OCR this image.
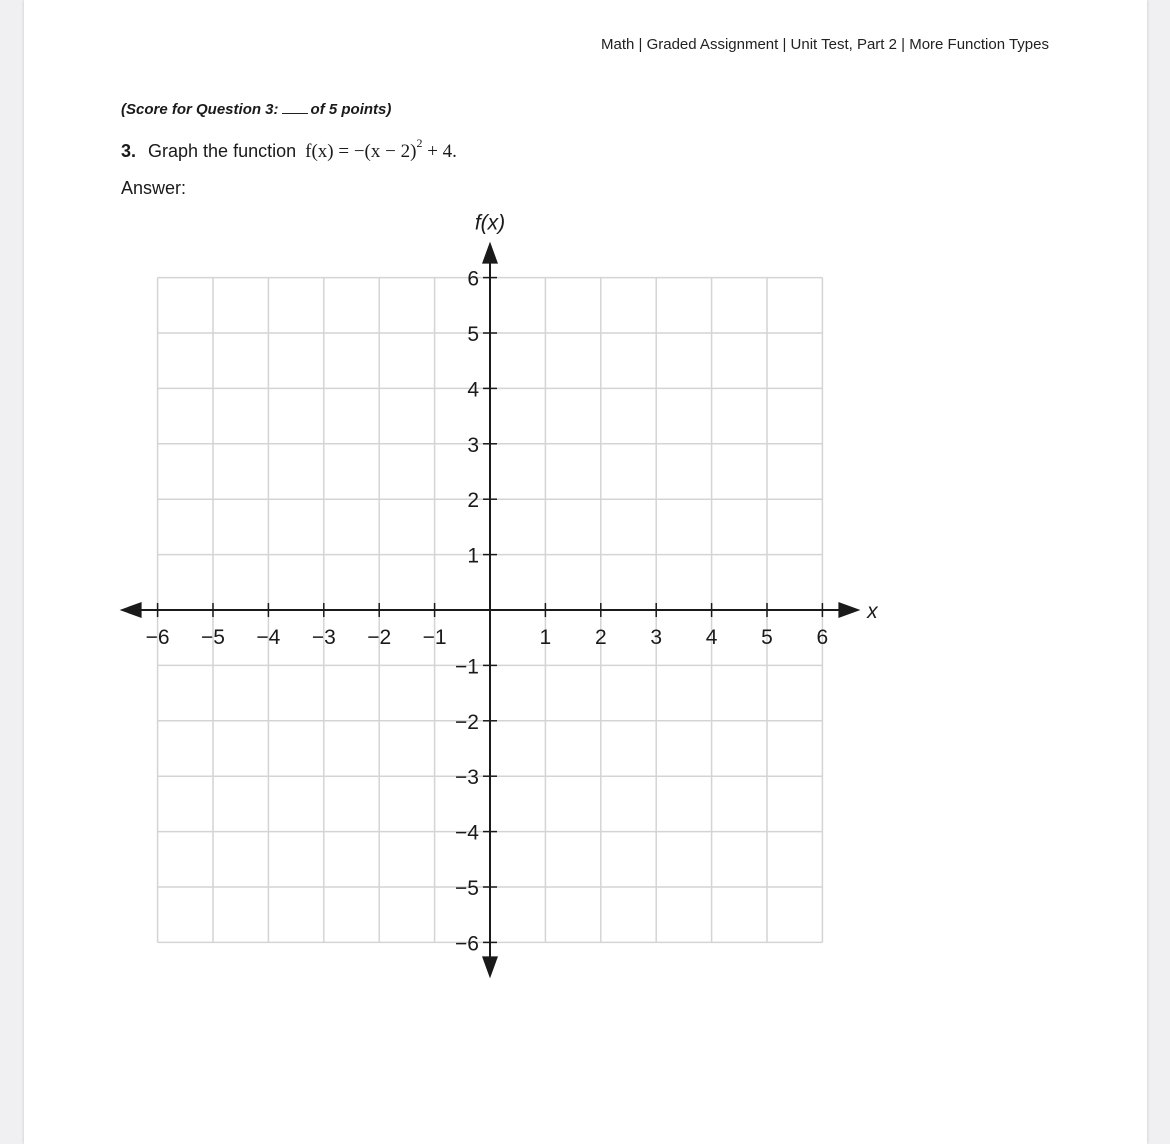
Math | Graded Assignment | Unit Test, Part 2 | More Function Types
(Score for Question 3: of 5 points)
3. Graph the function $f(x) = -(x - 2)^2 + 4$.
Answer:
−6 −5 −4 −3 −2 −1	1 2 3 4 5 6
6
5
4
3
2
1
−1
−2
−3
−4
−5
−6
x
f(x)
